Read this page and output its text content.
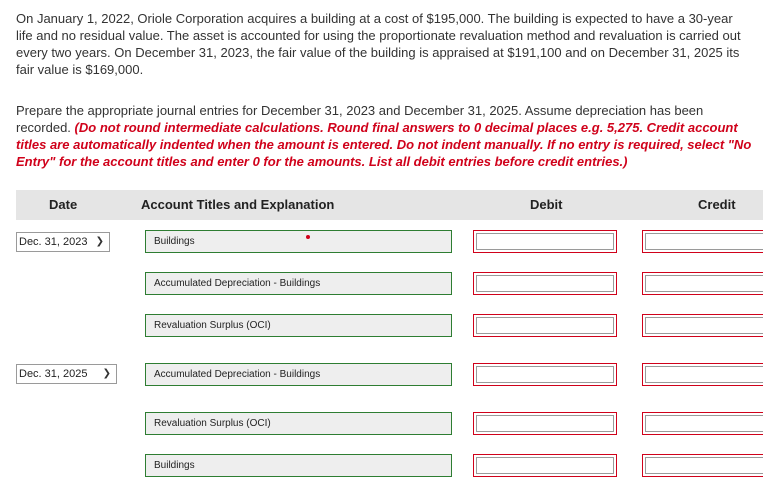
On January 1, 2022, Oriole Corporation acquires a building at a cost of $195,000. The building is expected to have a 30-year life and no residual value. The asset is accounted for using the proportionate revaluation method and revaluation is carried out every two years. On December 31, 2023, the fair value of the building is appraised at $191,100 and on December 31, 2025 its fair value is $169,000.
Prepare the appropriate journal entries for December 31, 2023 and December 31, 2025. Assume depreciation has been recorded. (Do not round intermediate calculations. Round final answers to 0 decimal places e.g. 5,275. Credit account titles are automatically indented when the amount is entered. Do not indent manually. If no entry is required, select "No Entry" for the account titles and enter 0 for the amounts. List all debit entries before credit entries.)
Date	Account Titles and Explanation	Debit	Credit
Dec. 31, 2023 ❯	Buildings
Accumulated Depreciation - Buildings
Revaluation Surplus (OCI)
Dec. 31, 2025 ❯	Accumulated Depreciation - Buildings
Revaluation Surplus (OCI)
Buildings
